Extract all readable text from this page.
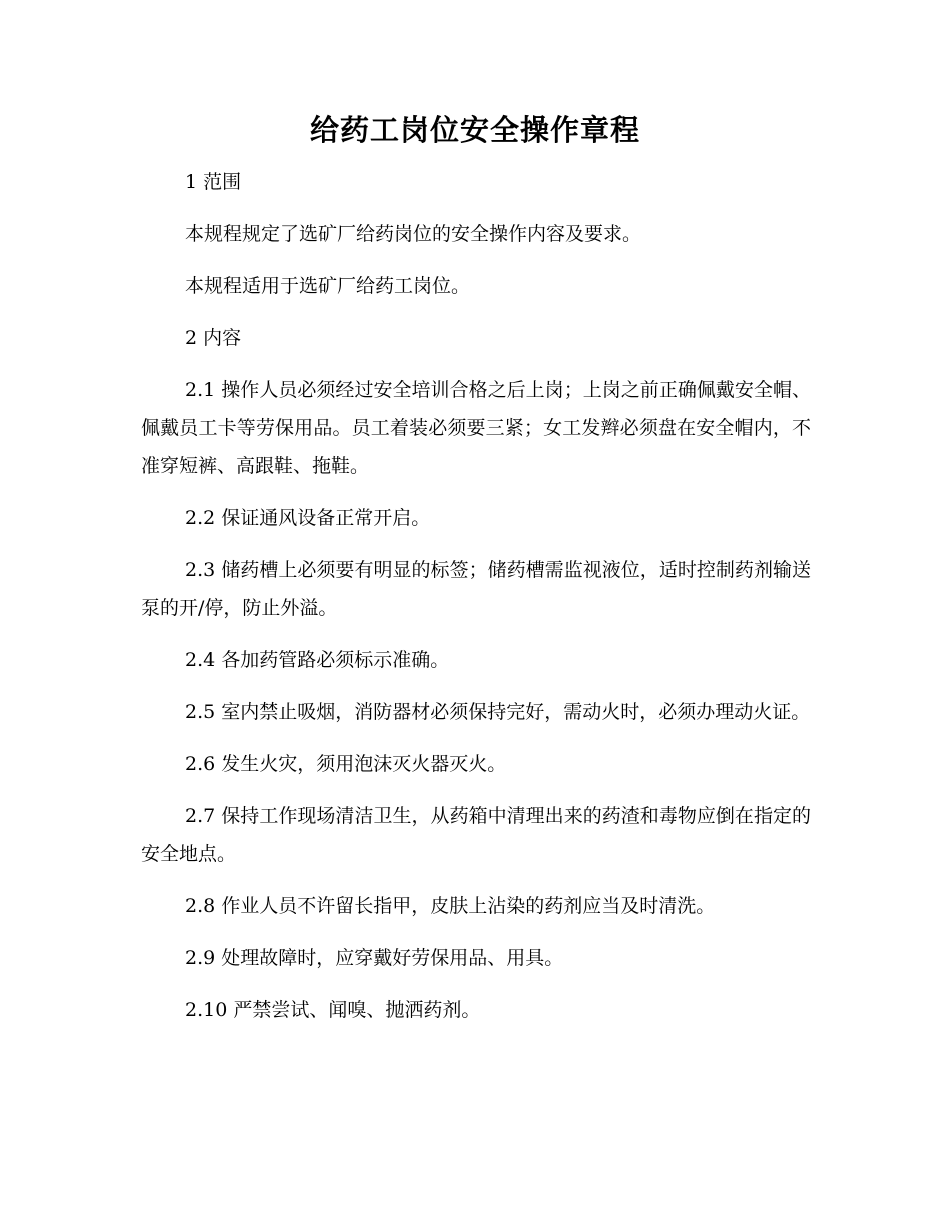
给药工岗位安全操作章程

1 范围

本规程规定了选矿厂给药岗位的安全操作内容及要求。

本规程适用于选矿厂给药工岗位。

2 内容

2.1 操作人员必须经过安全培训合格之后上岗；上岗之前正确佩戴安全帽、佩戴员工卡等劳保用品。员工着装必须要三紧；女工发辫必须盘在安全帽内，不准穿短裤、高跟鞋、拖鞋。

2.2 保证通风设备正常开启。

2.3 储药槽上必须要有明显的标签；储药槽需监视液位，适时控制药剂输送泵的开/停，防止外溢。

2.4 各加药管路必须标示准确。

2.5 室内禁止吸烟，消防器材必须保持完好，需动火时，必须办理动火证。

2.6 发生火灾，须用泡沫灭火器灭火。

2.7 保持工作现场清洁卫生，从药箱中清理出来的药渣和毒物应倒在指定的安全地点。

2.8 作业人员不许留长指甲，皮肤上沾染的药剂应当及时清洗。

2.9 处理故障时，应穿戴好劳保用品、用具。

2.10 严禁尝试、闻嗅、抛洒药剂。
